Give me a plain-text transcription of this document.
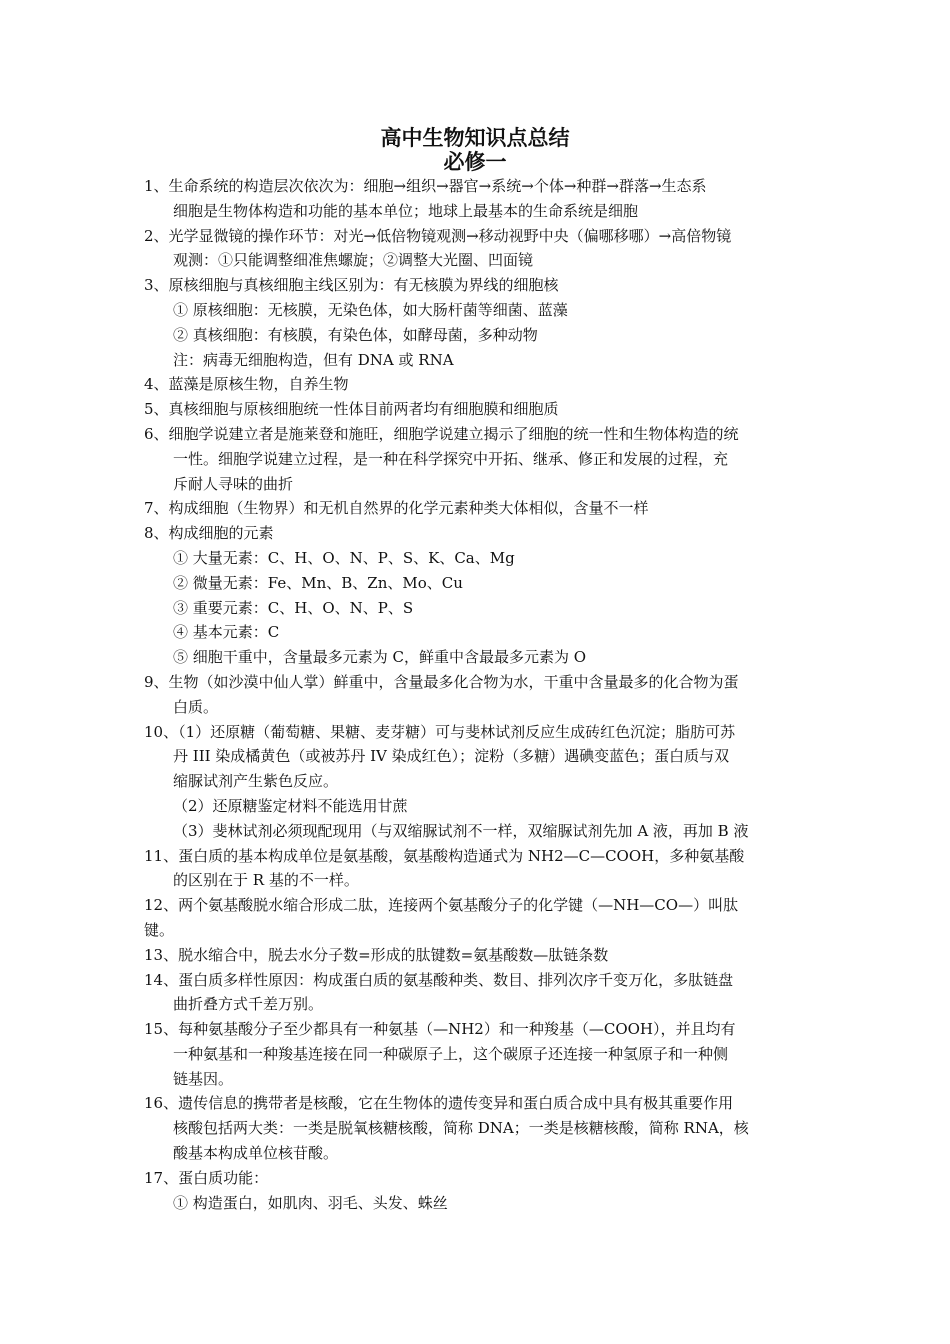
高中生物知识点总结
必修一
1、生命系统的构造层次依次为：细胞→组织→器官→系统→个体→种群→群落→生态系
细胞是生物体构造和功能的基本单位；地球上最基本的生命系统是细胞
2、光学显微镜的操作环节：对光→低倍物镜观测→移动视野中央（偏哪移哪）→高倍物镜
观测：①只能调整细准焦螺旋；②调整大光圈、凹面镜
3、原核细胞与真核细胞主线区别为：有无核膜为界线的细胞核
① 原核细胞：无核膜，无染色体，如大肠杆菌等细菌、蓝藻
② 真核细胞：有核膜，有染色体，如酵母菌，多种动物
注：病毒无细胞构造，但有 DNA 或 RNA
4、蓝藻是原核生物，自养生物
5、真核细胞与原核细胞统一性体目前两者均有细胞膜和细胞质
6、细胞学说建立者是施莱登和施旺，细胞学说建立揭示了细胞的统一性和生物体构造的统
一性。细胞学说建立过程，是一种在科学探究中开拓、继承、修正和发展的过程，充
斥耐人寻味的曲折
7、构成细胞（生物界）和无机自然界的化学元素种类大体相似，含量不一样
8、构成细胞的元素
① 大量无素：C、H、O、N、P、S、K、Ca、Mg
② 微量无素：Fe、Mn、B、Zn、Mo、Cu
③ 重要元素：C、H、O、N、P、S
④ 基本元素：C
⑤ 细胞干重中，含量最多元素为 C，鲜重中含最最多元素为 O
9、生物（如沙漠中仙人掌）鲜重中，含量最多化合物为水，干重中含量最多的化合物为蛋
白质。
10、（1）还原糖（葡萄糖、果糖、麦芽糖）可与斐林试剂反应生成砖红色沉淀；脂肪可苏
丹 III 染成橘黄色（或被苏丹 IV 染成红色）；淀粉（多糖）遇碘变蓝色；蛋白质与双
缩脲试剂产生紫色反应。
（2）还原糖鉴定材料不能选用甘蔗
（3）斐林试剂必须现配现用（与双缩脲试剂不一样，双缩脲试剂先加 A 液，再加 B 液
11、蛋白质的基本构成单位是氨基酸，氨基酸构造通式为 NH2—C—COOH，多种氨基酸
的区别在于 R 基的不一样。
12、两个氨基酸脱水缩合形成二肽，连接两个氨基酸分子的化学键（—NH—CO—）叫肽
键。
13、脱水缩合中，脱去水分子数=形成的肽键数=氨基酸数—肽链条数
14、蛋白质多样性原因：构成蛋白质的氨基酸种类、数目、排列次序千变万化，多肽链盘
曲折叠方式千差万别。
15、每种氨基酸分子至少都具有一种氨基（—NH2）和一种羧基（—COOH），并且均有
一种氨基和一种羧基连接在同一种碳原子上，这个碳原子还连接一种氢原子和一种侧
链基因。
16、遗传信息的携带者是核酸，它在生物体的遗传变异和蛋白质合成中具有极其重要作用
核酸包括两大类：一类是脱氧核糖核酸，简称 DNA；一类是核糖核酸，简称 RNA，核
酸基本构成单位核苷酸。
17、蛋白质功能：
① 构造蛋白，如肌肉、羽毛、头发、蛛丝
